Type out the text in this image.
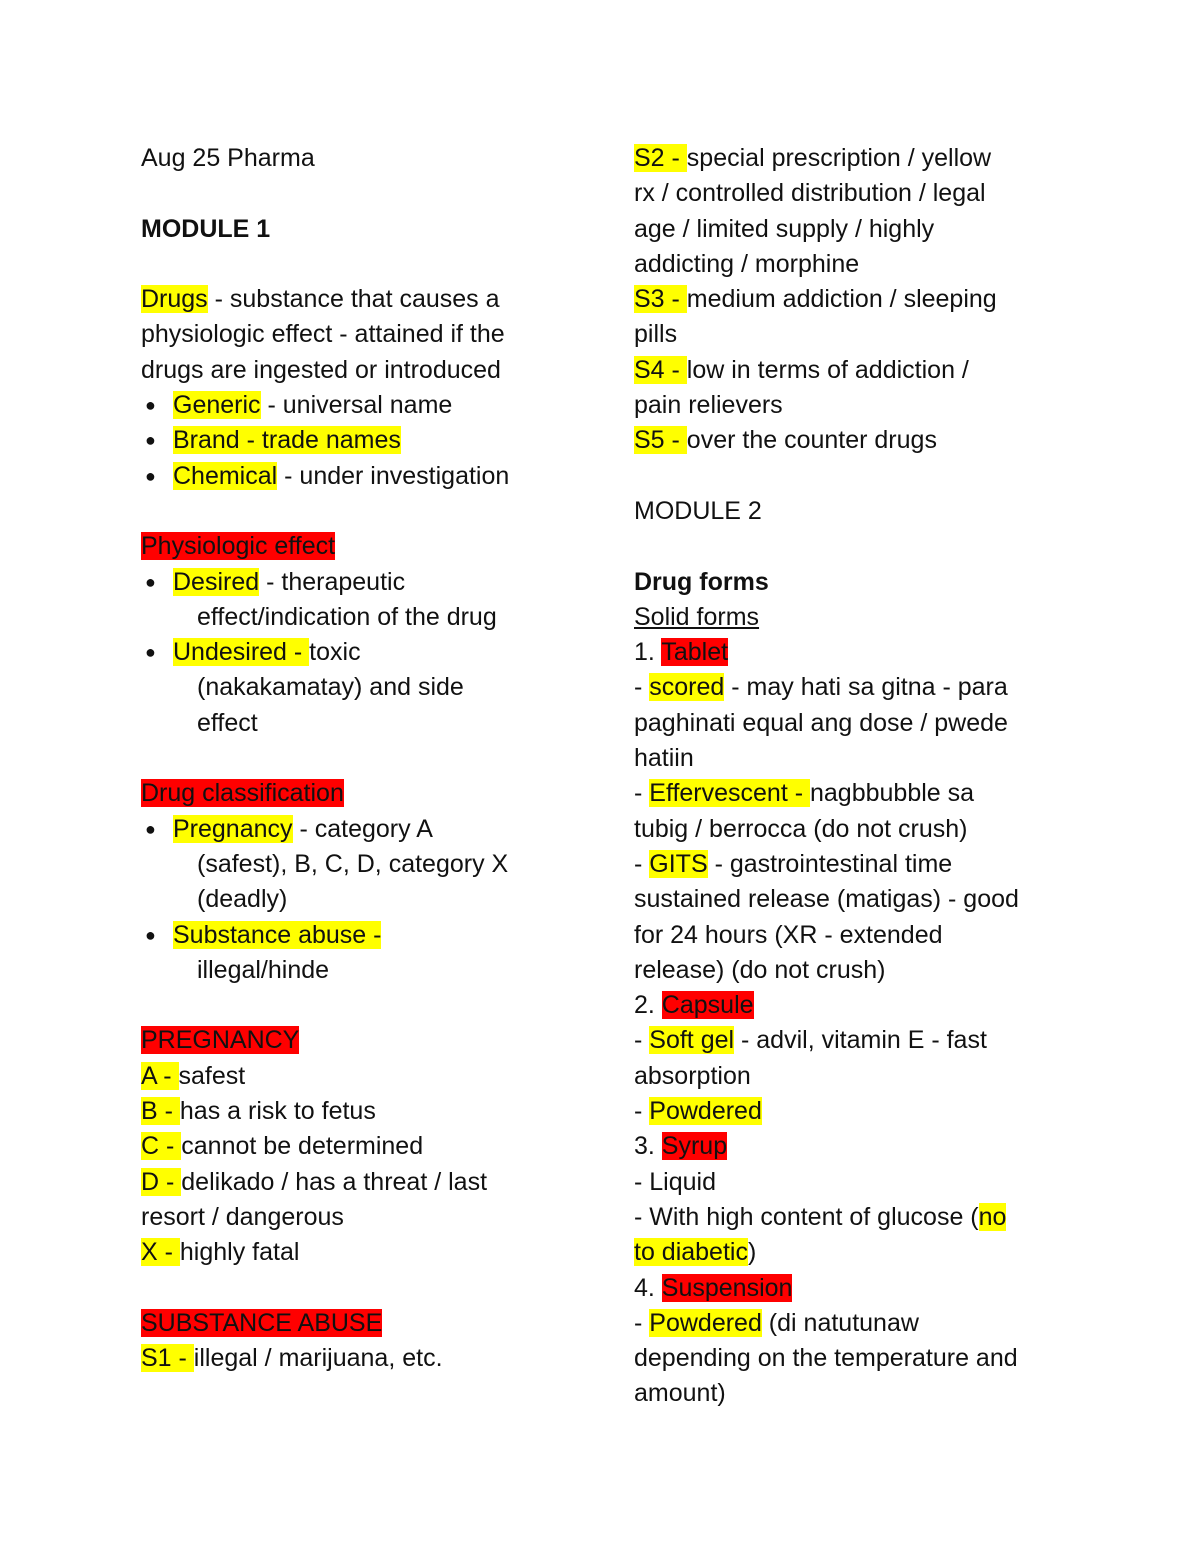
Aug 25 Pharma
MODULE 1
Drugs - substance that causes a
physiologic effect - attained if the
drugs are ingested or introduced
● Generic - universal name
● Brand - trade names
● Chemical - under investigation
Physiologic effect
● Desired - therapeutic
effect/indication of the drug
● Undesired - toxic
(nakakamatay) and side
effect
Drug classification
● Pregnancy - category A
(safest), B, C, D, category X
(deadly)
● Substance abuse -
illegal/hinde
PREGNANCY
A - safest
B - has a risk to fetus
C - cannot be determined
D - delikado / has a threat / last
resort / dangerous
X - highly fatal
SUBSTANCE ABUSE
S1 - illegal / marijuana, etc.
S2 - special prescription / yellow
rx / controlled distribution / legal
age / limited supply / highly
addicting / morphine
S3 - medium addiction / sleeping
pills
S4 - low in terms of addiction /
pain relievers
S5 - over the counter drugs
MODULE 2
Drug forms
Solid forms
1. Tablet
- scored - may hati sa gitna - para
paghinati equal ang dose / pwede
hatiin
- Effervescent - nagbbubble sa
tubig / berrocca (do not crush)
- GITS - gastrointestinal time
sustained release (matigas) - good
for 24 hours (XR - extended
release) (do not crush)
2. Capsule
- Soft gel - advil, vitamin E - fast
absorption
- Powdered
3. Syrup
- Liquid
- With high content of glucose (no
to diabetic)
4. Suspension
- Powdered (di natutunaw
depending on the temperature and
amount)
